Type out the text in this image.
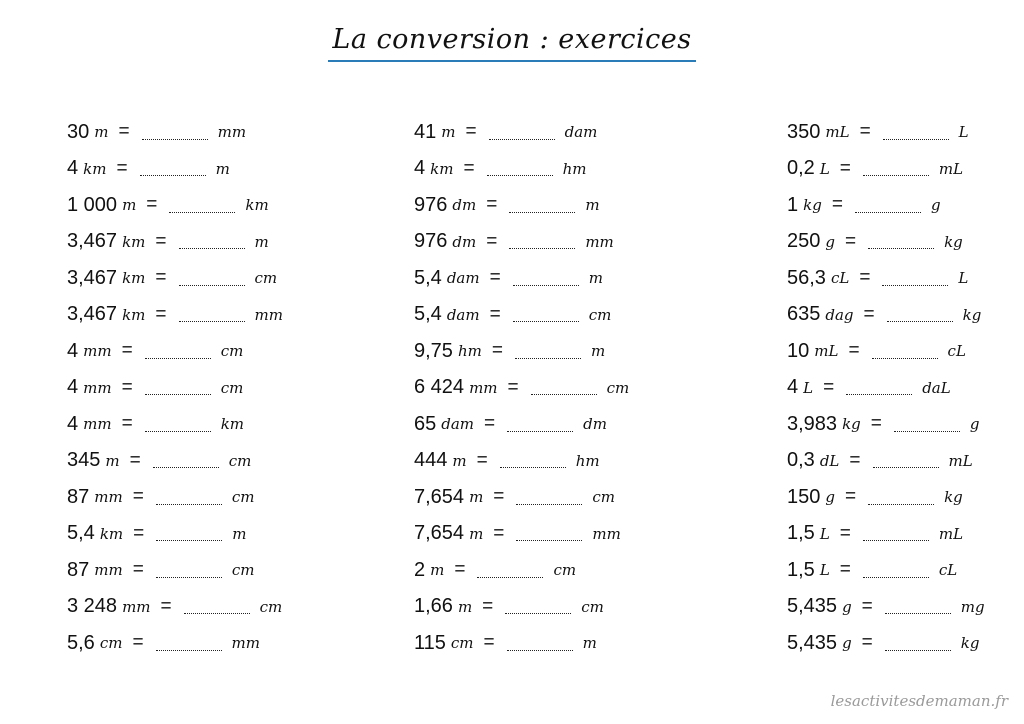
La conversion : exercices
30 m =	mm
4 km =	m
1 000 m =	km
3,467 km =	m
3,467 km =	cm
3,467 km =	mm
4 mm =	cm
4 mm =	cm
4 mm =	km
345 m =	cm
87 mm =	cm
5,4 km =	m
87 mm =	cm
3 248 mm =	cm
5,6 cm =	mm
41 m =	dam
4 km =	hm
976 dm =	m
976 dm =	mm
5,4 dam =	m
5,4 dam =	cm
9,75 hm =	m
6 424 mm =	cm
65 dam =	dm
444 m =	hm
7,654 m =	cm
7,654 m =	mm
2 m =	cm
1,66 m =	cm
115 cm =	m
350 mL =	L
0,2 L =	mL
1 kg =	g
250 g =	kg
56,3 cL =	L
635 dag =	kg
10 mL =	cL
4 L =	daL
3,983 kg =	g
0,3 dL =	mL
150 g =	kg
1,5 L =	mL
1,5 L =	cL
5,435 g =	mg
5,435 g =	kg
lesactivitesdemaman.fr
